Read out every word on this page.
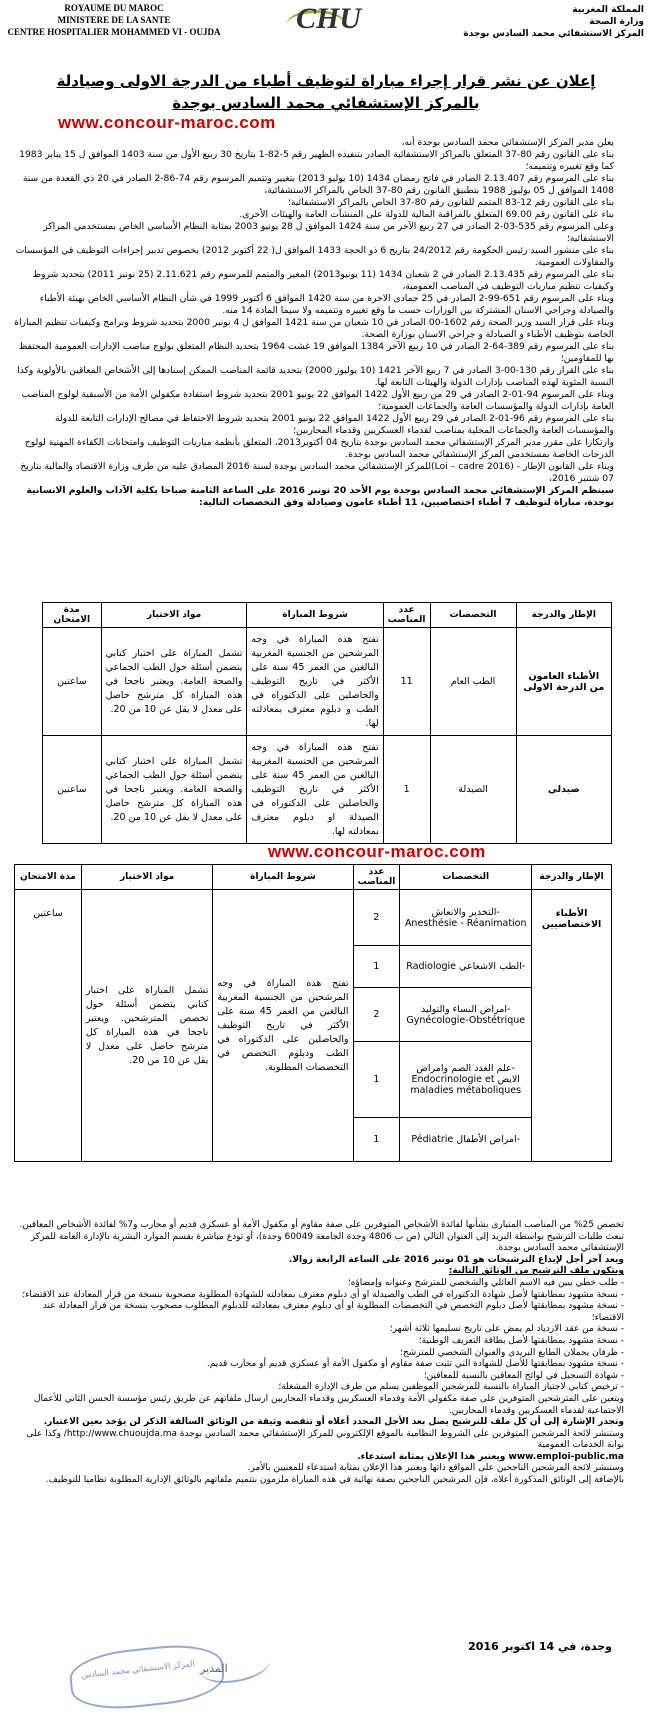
ROYAUME DU MAROC
MINISTERE DE LA SANTE
CENTRE HOSPITALIER MOHAMMED VI - OUJDA	CHU	المملكة المغربية
وزارة الصحة
المركز الاستشفائي محمد السادس بوجدة
إعلان عن نشر قرار إجراء مباراة لتوظيف أطباء من الدرجة الاولى وصيادلة
بالمركز الإستشفائي محمد السادس بوجدة
www.concour-maroc.com

يعلن مدير المركز الإستشفائي محمد السادس بوجدة أنه،

بناء على القانون رقم 80-37 المتعلق بالمراكز الاستشفائية الصادر بتنفيذه الظهير رقم 5-82-1 بتاريخ 30 ربيع الأول من سنة 1403 الموافق ل 15 يناير 1983 كما وقع تغييره وتتميمه؛

بناء على المرسوم رقم 2.13.407 الصادر في فاتح رمضان 1434 (10 يوليو 2013) بتغيير وتتميم المرسوم رقم 74-86-2 الصادر في 20 ذي القعدة من سنة 1408 الموافق ل 05 يوليوز 1988 بتطبيق القانون رقم 80-37 الخاص بالمراكز الاستشفائية،

بناء على القانون رقم 12-83 المتمم للقانون رقم 80-37 الخاص بالمراكز الاستشفائية؛

بناء على القانون رقم 69.00 المتعلق بالمراقبة المالية للدولة على المنشآت العامة والهيئات الأخرى.

وعلى المرسوم رقم 535-03-2 الصادر في 27 ربيع الآخر من سنة 1424 الموافق ل 28 يونيو 2003 بمثابة النظام الأساسي الخاص بمستخدمي المراكز الاستشفائية؛

بناء على منشور السيد رئيس الحكومة رقم 24/2012 بتاريخ 6 ذو الحجة 1433 الموافق ل( 22 أكتوبر 2012) بخصوص تدبير إجراءات التوظيف في المؤسسات والمقاولات العمومية.

بناء على المرسوم رقم 2.13.435 الصادر في 2 شعبان 1434 (11 يونيو2013) المغير والمتمم للمرسوم رقم 2.11.621 (25 نونبر 2011) بتحديد شروط وكيفيات تنظيم مباريات التوظيف في المناصب العمومية،

وبناء على المرسوم رقم 651-99-2 الصادر في 25 جمادى الاخرة من سنة 1420 الموافق 6 أكتوبر 1999 في شأن النظام الأساسي الخاص بهيئة الأطباء والصيادلة وجراحي الاسنان المشتركة بين الوزارات حسب ما وقع تغييره وتتميمه ولا سيما المادة 14 منه.

وبناء على قرار السيد وزير الصحة رقم 1602-00 الصادر في 10 شعبان من سنة 1421 الموافق ل 4 نونبر 2000 بتحديد شروط وبرامج وكيفيات تنظيم المباراة الخاصة بتوظيف الأطباء و الصيادلة و جراحي الاسنان بوزارة الصحة.

بناء على المرسوم رقم 389-64-2 الصادر في 10 ربيع الآخر 1384 الموافق 19 غشت 1964 بتحديد النظام المتعلق بولوج مناصب الإدارات العمومية المحتفظ بها للمقاومين؛

بناء على القرار رقم 130-00-3 الصادر في 7 ربيع الآخر 1421 (10 يوليوز 2000) بتحديد قائمة المناصب الممكن إسنادها إلى الأشخاص المعاقين بالأولوية وكذا النسبة المئوية لهذه المناصب بإدارات الدولة والهيئات التابعة لها.

وبناء على المرسوم 94-01-2 الصادر في 29 من ربيع الأول 1422 الموافق 22 يونيو 2001 بتحديد شروط استفادة مكفولي الأمة من الأسبقية لولوج المناصب العامة بإدارات الدولة والمؤسسات العامة والجماعات العمومية؛

بناء على المرسوم رقم 96-01-2 الصادر في 29 ربيع الأول 1422 الموافق 22 يونيو 2001 بتحديد شروط الاحتفاظ في مصالح الإدارات التابعة للدولة والمؤسسات العامة والجماعات المحلية بمناصب لقدماء العسكريين وقدماء المحاربين؛

وارتكازا على مقرر مدير المركز الإستشفائي محمد السادس بوجدة بتاريخ 04 أكتوبر2013، المتعلق بأنظمة مباريات التوظيف وامتحانات الكفاءة المهنية لولوج الدرجات الخاصة بمستخدمي المركز الإستشفائي محمد السادس بوجدة.

وبناء على القانون الإطار - (Loi – cadre 2016)للمركز الإستشفائي محمد السادس بوجدة لسنة 2016 المصادق عليه من طرف وزارة الاقتصاد والمالية بتاريخ 07 شتنبر 2016،

سينظم المركز الإستشفائي محمد السادس بوجدة يوم الأحد 20 نونبر 2016 على الساعة الثامنة صباحا بكلية الآداب والعلوم الانسانية بوجدة، مباراة لتوظيف 7 أطباء اختصاصيين، 11 أطباء عامون وصيادلة وفق التخصصات التالية:

الإطار والدرجة	التخصصات	عدد المناصب	شروط المباراة	مواد الاختبار	مدة الامتحان
الأطباء العامون من الدرجة الاولى	الطب العام	11	تفتح هذه المباراة في وجه المرشحين من الجنسية المغربية البالغين من العمر 45 سنة على الأكثر في تاريخ التوظيف والحاصلين على الدكتوراه في الطب و دبلوم معترف بمعادلته لها.	تشمل المباراة على اختبار كتابي يتضمن أسئلة حول الطب الجماعي والصحة العامة. ويعتبر ناجحا في هذه المباراة كل مترشح حاصل على معدل لا يقل عن 10 من 20.	ساعتين
صيدلي	الصيدلة	1	تفتح هذه المباراة في وجه المرشحين من الجنسية المغربية البالغين من العمر 45 سنة على الأكثر في تاريخ التوظيف والحاصلين على الدكتوراه في الصيدلة او دبلوم معترف بمعادلته لها.	تشمل المباراة على اختبار كتابي يتضمن أسئلة حول الطب الجماعي والصحة العامة. ويعتبر ناجحا في هذه المباراة كل مترشح حاصل على معدل لا يقل عن 10 من 20.	ساعتين
www.concour-maroc.com
الإطار والدرجة	التخصصات	عدد المناصب	شروط المباراة	مواد الاختبار	مدة الامتحان
الأطباء الاختصاصيين	-التخدير والانعاش Anesthésie - Réanimation	2	تفتح هذه المباراة في وجه المرشحين من الجنسية المغربية البالغين من العمر 45 سنة على الأكثر في تاريخ التوظيف والحاصلين على الدكتوراه في الطب ودبلوم التخصص في التخصصات المطلوبة.	تشمل المباراة على اختبار كتابي يتضمن أسئلة حول تخصص المترشحين. ويعتبر ناجحا في هذه المباراة كل مترشح حاصل على معدل لا يقل عن 10 من 20.	ساعتين
	-الطب الاشعاعي Radiologie	1			
	-امراض النساء والتوليد Gynécologie-Obstétrique	2			
	-علم الغدد الصم وامراض الايض Endocrinologie et maladies métaboliques	1			
	-امراض الأطفال Pédiatrie	1			

تخصص 25% من المناصب المتبارى بشأنها لفائدة الأشخاص المتوفرين على صفة مقاوم أو مكفول الأمة أو عسكري قديم أو محارب و7% لفائدة الأشخاص المعاقين.

تبعث طلبات الترشيح بواسطة البريد إلى العنوان التالي (ص ب 4806 وجدة الجامعة 60049 وجدة)، أو تودع مباشرة بقسم الموارد البشرية بالإدارة العامة للمركز الإستشفائي محمد السادس بوجدة.

ويعد آخر أجل لإيداع الترشيحات هو 01 نونبر 2016 على الساعة الرابعة زوالا.

ويتكون ملف الترشيح من الوثائق التالية:

- طلب خطي يبين فيه الاسم العائلي والشخصي للمترشح وعنوانه وإمضاؤه؛

- نسخة مشهود بمطابقتها لأصل شهادة الدكتوراه في الطب والصيدلة او أي دبلوم معترف بمعادلته للشهادة المطلوبة مصحوبة بنسخة من قرار المعادلة عند الاقتضاء؛

- نسخة مشهود بمطابقتها لأصل دبلوم التخصص في التخصصات المطلوبة او أي دبلوم معترف بمعادلته للدبلوم المطلوب مصحوب بنسخة من قرار المعادلة عند الاقتضاء؛

- نسخة من عقد الازدياد لم يمض على تاريخ تسليمها ثلاثة أشهر؛

- نسخة مشهود بمطابقتها لأصل بطاقة التعريف الوطنية؛

- ظرفان يحملان الطابع البريدي والعنوان الشخصي للمترشح؛

- نسخة مشهود بمطابقتها للأصل للشهادة التي تثبت صفة مقاوم أو مكفول الأمة أو عسكري قديم أو محارب قديم.

- شهادة التسجيل في لوائح المعاقين بالنسبة للمعاقين؛

- ترخيص كتابي لاجتياز المباراة بالنسبة للمرشحين الموظفين يسلم من طرف الإدارة المشغلة؛

ويتعين على المترشحين المتوفرين على صفة مكفولي الأمة وقدماء العسكريين وقدماء المحاربين ارسال ملفاتهم عن طريق رئيس مؤسسة الحسن الثاني للأعمال الاجتماعية لقدماء العسكريين وقدماء المحاربين.

وتجدر الإشارة إلى أن كل ملف للترشيح يصل بعد الأجل المحدد أعلاه أو تنقصه وثيقة من الوثائق السالفة الذكر لن يؤخذ بعين الاعتبار.

وستنشر لائحة المرشحين المتوفرين على الشروط النظامية بالموقع الإلكتروني للمركز الإستشفائي محمد السادس بوجدة http://www.chuoujda.ma/ وكذا على بوابة الخدمات العمومية

www.emploi-public.ma ويعتبر هذا الإعلان بمثابة استدعاء.

وستنشر لائحة المرشحين الناجحين على المواقع ذاتها ويعتبر هذا الإعلان بمثابة استدعاء للمعنيين بالأمر.

بالإضافة إلى الوثائق المذكورة أعلاه، فإن المرشحين الناجحين بصفة نهائية في هذه المباراة ملزمون بتتميم ملفاتهم بالوثائق الإدارية المطلوبة نظاميا للتوظيف.

وجدة، في 14 اكتوبر 2016
المركز الاستشفائي محمد السادس المدير
